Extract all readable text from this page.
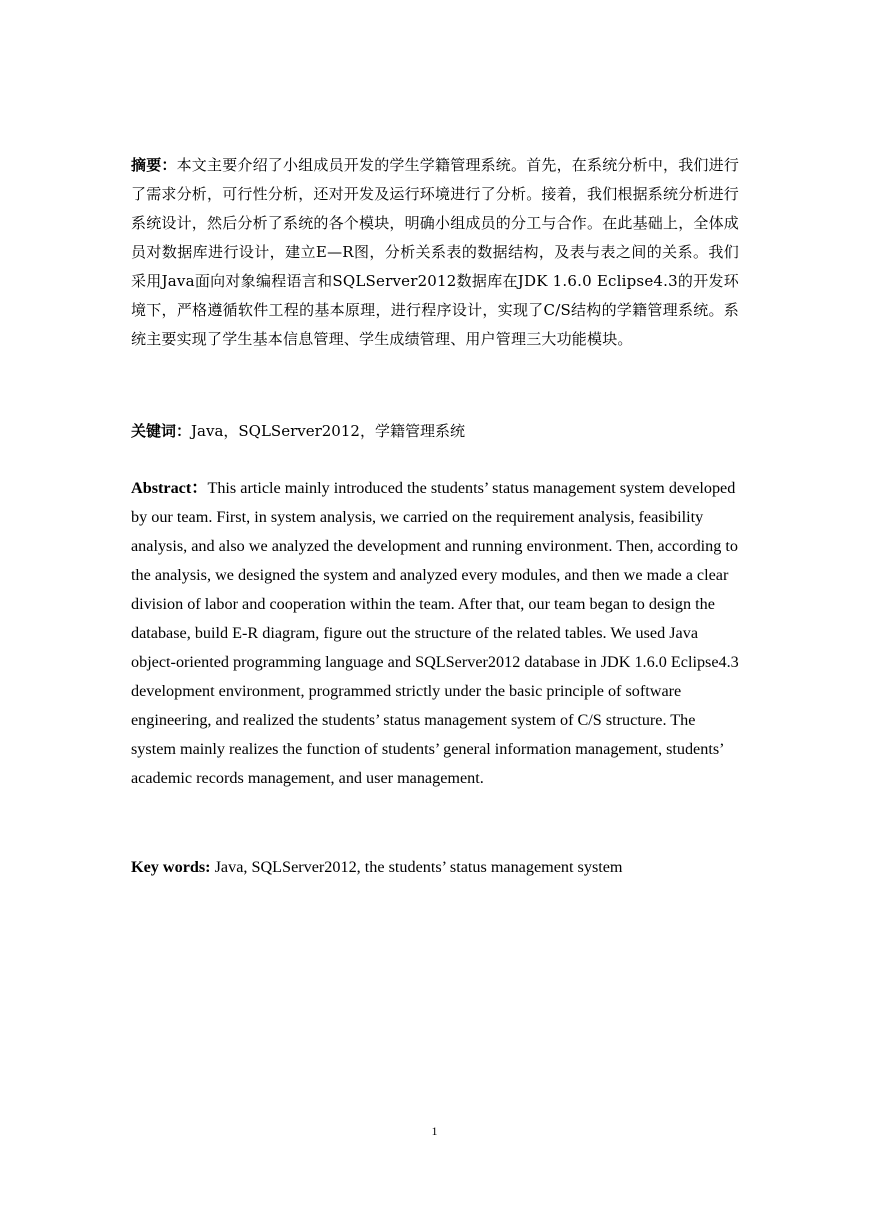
摘要：本文主要介绍了小组成员开发的学生学籍管理系统。首先，在系统分析中，我们进行了需求分析，可行性分析，还对开发及运行环境进行了分析。接着，我们根据系统分析进行系统设计，然后分析了系统的各个模块，明确小组成员的分工与合作。在此基础上，全体成员对数据库进行设计，建立E—R图，分析关系表的数据结构，及表与表之间的关系。我们采用Java面向对象编程语言和SQLServer2012数据库在JDK 1.6.0 Eclipse4.3的开发环境下，严格遵循软件工程的基本原理，进行程序设计，实现了C/S结构的学籍管理系统。系统主要实现了学生基本信息管理、学生成绩管理、用户管理三大功能模块。

关键词：Java，SQLServer2012，学籍管理系统

Abstract：This article mainly introduced the students’ status management system developed by our team. First, in system analysis, we carried on the requirement analysis, feasibility analysis, and also we analyzed the development and running environment. Then, according to the analysis, we designed the system and analyzed every modules, and then we made a clear division of labor and cooperation within the team. After that, our team began to design the database, build E-R diagram, figure out the structure of the related tables. We used Java object-oriented programming language and SQLServer2012 database in JDK 1.6.0 Eclipse4.3 development environment, programmed strictly under the basic principle of software engineering, and realized the students’ status management system of C/S structure. The system mainly realizes the function of students’ general information management, students’ academic records management, and user management.

Key words: Java, SQLServer2012, the students’ status management system

1
